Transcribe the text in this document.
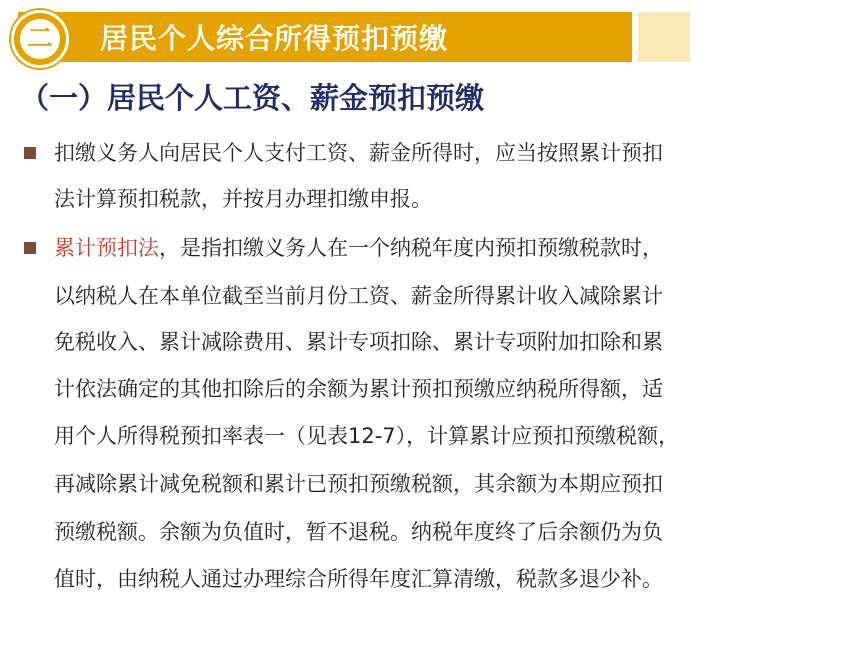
居民个人综合所得预扣预缴
二
（一）居民个人工资、薪金预扣预缴
扣缴义务人向居民个人支付工资、薪金所得时，应当按照累计预扣
法计算预扣税款，并按月办理扣缴申报。
累计预扣法，是指扣缴义务人在一个纳税年度内预扣预缴税款时，
以纳税人在本单位截至当前月份工资、薪金所得累计收入减除累计
免税收入、累计减除费用、累计专项扣除、累计专项附加扣除和累
计依法确定的其他扣除后的余额为累计预扣预缴应纳税所得额，适
用个人所得税预扣率表一（见表12-7），计算累计应预扣预缴税额，
再减除累计减免税额和累计已预扣预缴税额，其余额为本期应预扣
预缴税额。余额为负值时，暂不退税。纳税年度终了后余额仍为负
值时，由纳税人通过办理综合所得年度汇算清缴，税款多退少补。
